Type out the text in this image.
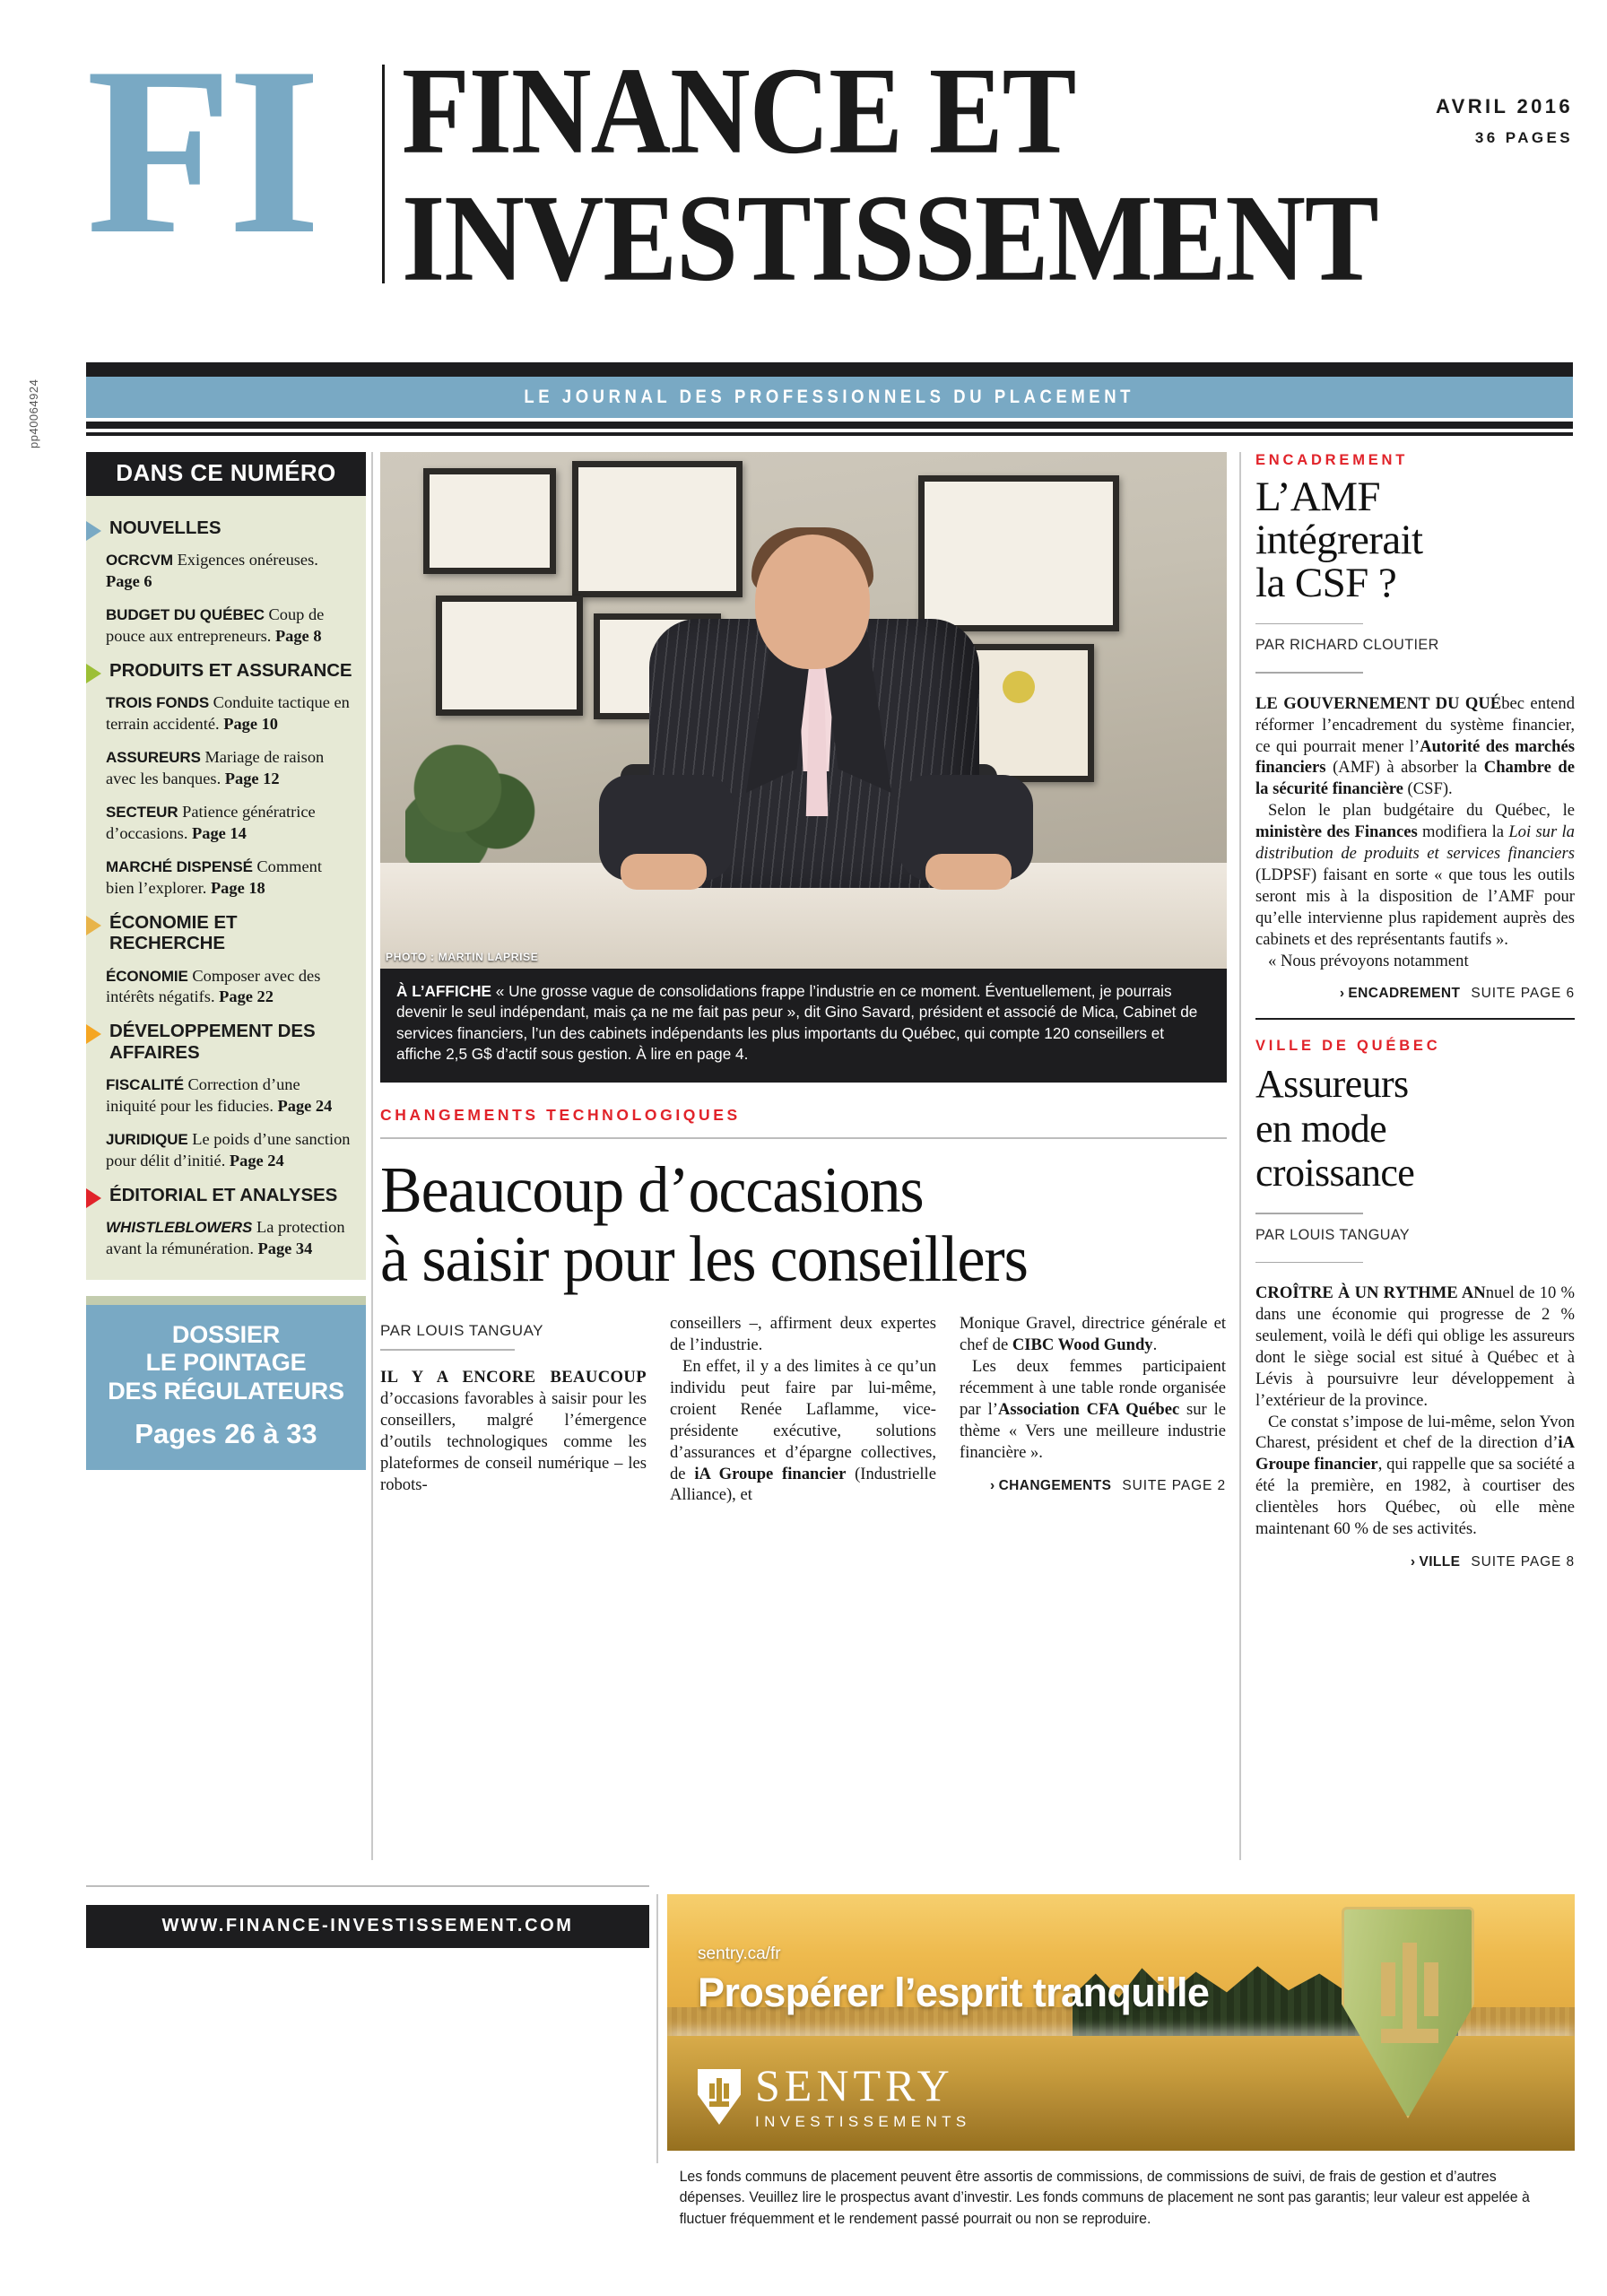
pp40064924
FI FINANCE ET
INVESTISSEMENT
AVRIL 2016
36 PAGES
LE JOURNAL DES PROFESSIONNELS DU PLACEMENT
DANS CE NUMÉRO
NOUVELLES
OCRCVM Exigences onéreuses. Page 6
BUDGET DU QUÉBEC Coup de pouce aux entrepreneurs. Page 8
PRODUITS ET ASSURANCE
TROIS FONDS Conduite tactique en terrain accidenté. Page 10
ASSUREURS Mariage de raison avec les banques. Page 12
SECTEUR Patience génératrice d’occasions. Page 14
MARCHÉ DISPENSÉ Comment bien l’explorer. Page 18
ÉCONOMIE ET RECHERCHE
ÉCONOMIE Composer avec des intérêts négatifs. Page 22
DÉVELOPPEMENT DES AFFAIRES
FISCALITÉ Correction d’une iniquité pour les fiducies. Page 24
JURIDIQUE Le poids d’une sanction pour délit d’initié. Page 24
ÉDITORIAL ET ANALYSES
WHISTLEBLOWERS La protection avant la rémunération. Page 34
DOSSIER
LE POINTAGE
DES RÉGULATEURS
Pages 26 à 33
PHOTO : MARTIN LAPRISE
À L’AFFICHE « Une grosse vague de consolidations frappe l’industrie en ce moment. Éventuellement, je pourrais devenir le seul indépendant, mais ça ne me fait pas peur », dit Gino Savard, président et associé de Mica, Cabinet de services financiers, l’un des cabinets indépendants les plus importants du Québec, qui compte 120 conseillers et affiche 2,5 G$ d’actif sous gestion. À lire en page 4.
CHANGEMENTS TECHNOLOGIQUES
Beaucoup d’occasions
à saisir pour les conseillers
PAR LOUIS TANGUAY

IL Y A ENCORE BEAUCOUP d’occasions favorables à saisir pour les conseillers, malgré l’émergence d’outils technologiques comme les plateformes de conseil numérique – les robots-

conseillers –, affirment deux expertes de l’industrie.

En effet, il y a des limites à ce qu’un individu peut faire par lui-même, croient Renée Laflamme, vice-présidente exécutive, solutions d’assurances et d’épargne collectives, de iA Groupe financier (Industrielle Alliance), et

Monique Gravel, directrice générale et chef de CIBC Wood Gundy.

Les deux femmes participaient récemment à une table ronde organisée par l’Association CFA Québec sur le thème « Vers une meilleure industrie financière ».

› CHANGEMENTS SUITE PAGE 2
ENCADREMENT
L’AMF
intégrerait
la CSF ?
PAR RICHARD CLOUTIER

LE GOUVERNEMENT DU QUÉbec entend réformer l’encadrement du système financier, ce qui pourrait mener l’Autorité des marchés financiers (AMF) à absorber la Chambre de la sécurité financière (CSF).

Selon le plan budgétaire du Québec, le ministère des Finances modifiera la Loi sur la distribution de produits et services financiers (LDPSF) faisant en sorte « que tous les outils seront mis à la disposition de l’AMF pour qu’elle intervienne plus rapidement auprès des cabinets et des représentants fautifs ».

« Nous prévoyons notamment

› ENCADREMENT SUITE PAGE 6
VILLE DE QUÉBEC
Assureurs
en mode
croissance
PAR LOUIS TANGUAY

CROÎTRE À UN RYTHME ANnuel de 10 % dans une économie qui progresse de 2 % seulement, voilà le défi qui oblige les assureurs dont le siège social est situé à Québec et à Lévis à poursuivre leur développement à l’extérieur de la province.

Ce constat s’impose de lui-même, selon Yvon Charest, président et chef de la direction d’iA Groupe financier, qui rappelle que sa société a été la première, en 1982, à courtiser des clientèles hors Québec, où elle mène maintenant 60 % de ses activités.

› VILLE SUITE PAGE 8
WWW.FINANCE-INVESTISSEMENT.COM
sentry.ca/fr
Prospérer l’esprit tranquille
SENTRY
INVESTISSEMENTS
Les fonds communs de placement peuvent être assortis de commissions, de commissions de suivi, de frais de gestion et d’autres dépenses. Veuillez lire le prospectus avant d’investir. Les fonds communs de placement ne sont pas garantis; leur valeur est appelée à fluctuer fréquemment et le rendement passé pourrait ou non se reproduire.
